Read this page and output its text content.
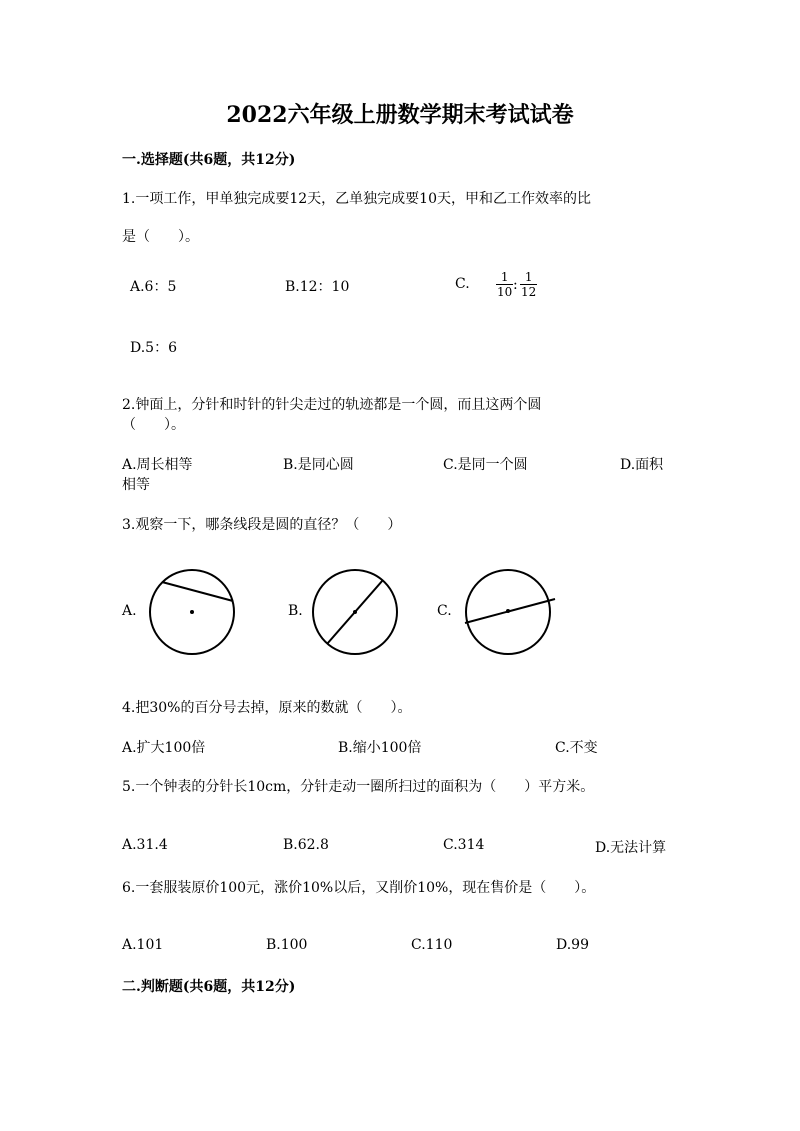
2022六年级上册数学期末考试试卷
一.选择题(共6题，共12分)
1.一项工作，甲单独完成要12天，乙单独完成要10天，甲和乙工作效率的比
是（　　）。
A.6：5	B.12：10	C. $\frac{1}{10}$ : $\frac{1}{12}$
D.5：6
2.钟面上，分针和时针的针尖走过的轨迹都是一个圆，而且这两个圆
（　　）。
A.周长相等	B.是同心圆	C.是同一个圆	D.面积
相等
3.观察一下，哪条线段是圆的直径？（　　）
A.	B.	C.
4.把30%的百分号去掉，原来的数就（　　）。
A.扩大100倍	B.缩小100倍	C.不变
5.一个钟表的分针长10cm，分针走动一圈所扫过的面积为（　　）平方米。
A.31.4	B.62.8	C.314	D.无法计算
6.一套服装原价100元，涨价10%以后，又削价10%，现在售价是（　　）。
A.101	B.100	C.110	D.99
二.判断题(共6题，共12分)
